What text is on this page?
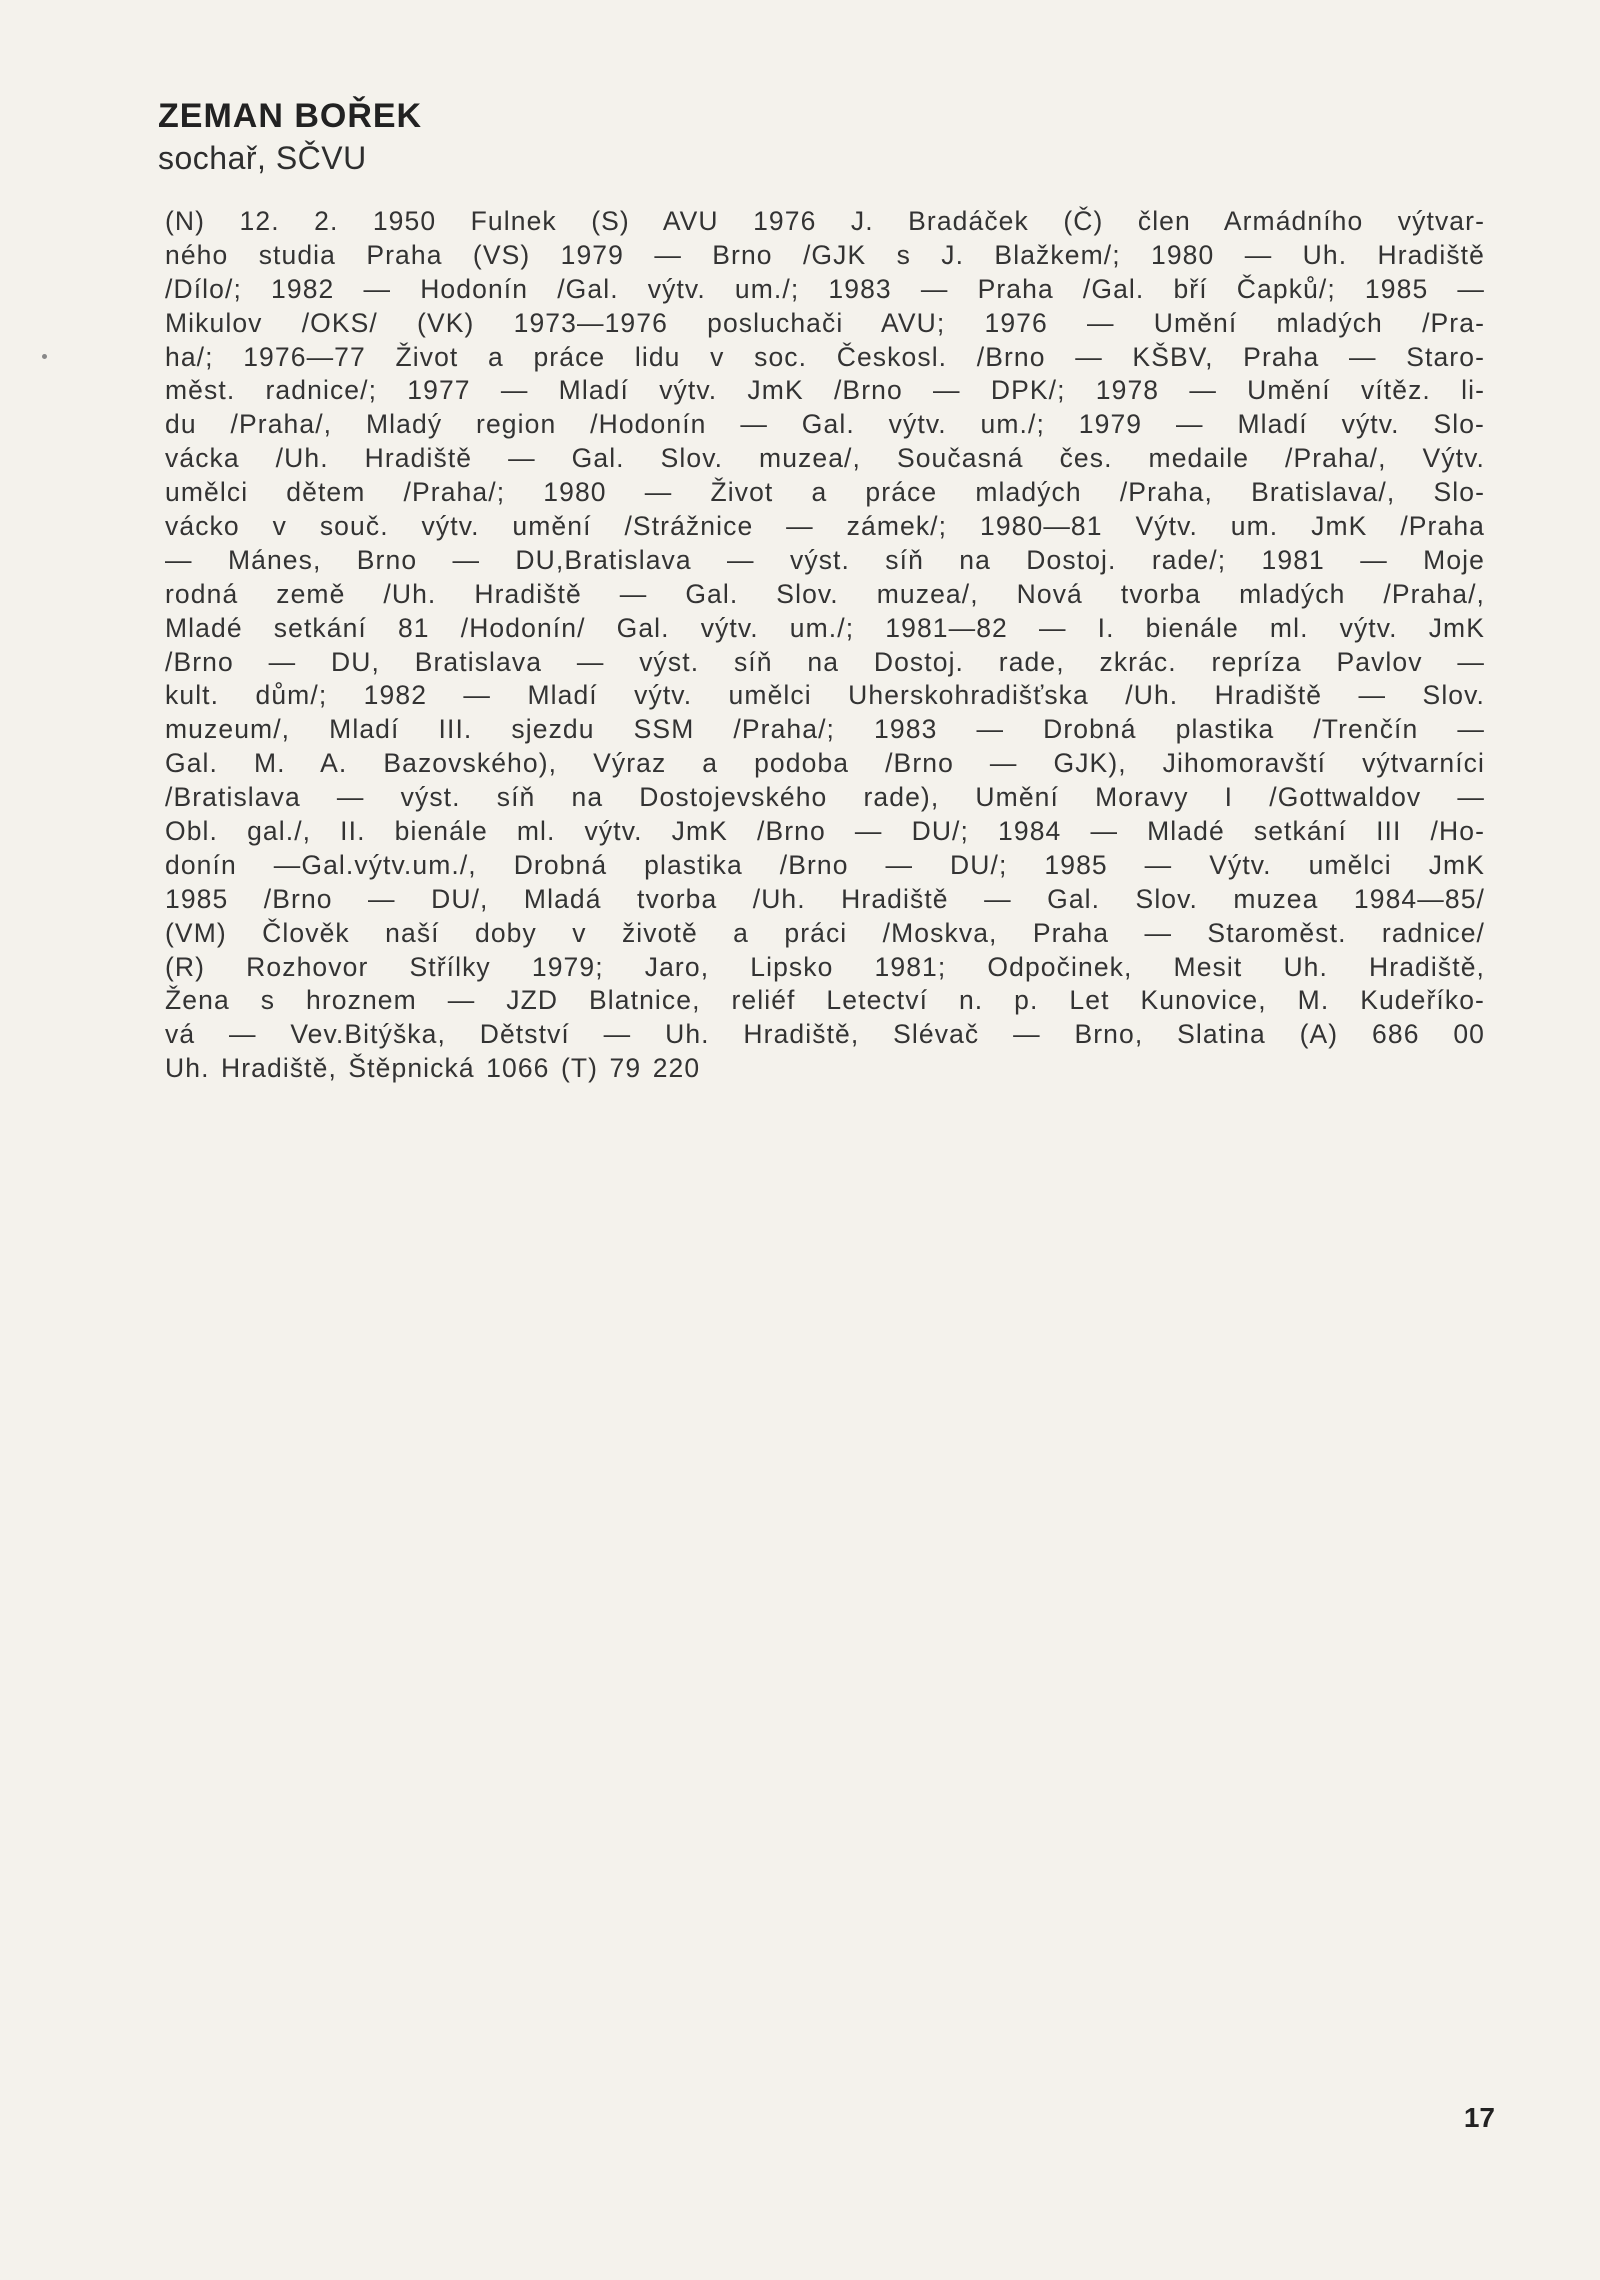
ZEMAN BOŘEK

sochař, SČVU

(N) 12. 2. 1950 Fulnek (S) AVU 1976 J. Bradáček (Č) člen Armádního výtvar-
ného studia Praha (VS) 1979 — Brno /GJK s J. Blažkem/; 1980 — Uh. Hradiště
/Dílo/; 1982 — Hodonín /Gal. výtv. um./; 1983 — Praha /Gal. bří Čapků/; 1985 —
Mikulov /OKS/ (VK) 1973—1976 posluchači AVU; 1976 — Umění mladých /Pra-
ha/; 1976—77 Život a práce lidu v soc. Českosl. /Brno — KŠBV, Praha — Staro-
měst. radnice/; 1977 — Mladí výtv. JmK /Brno — DPK/; 1978 — Umění vítěz. li-
du /Praha/, Mladý region /Hodonín — Gal. výtv. um./; 1979 — Mladí výtv. Slo-
vácka /Uh. Hradiště — Gal. Slov. muzea/, Současná čes. medaile /Praha/, Výtv.
umělci dětem /Praha/; 1980 — Život a práce mladých /Praha, Bratislava/, Slo-
vácko v souč. výtv. umění /Strážnice — zámek/; 1980—81 Výtv. um. JmK /Praha
— Mánes, Brno — DU,Bratislava — výst. síň na Dostoj. rade/; 1981 — Moje
rodná země /Uh. Hradiště — Gal. Slov. muzea/, Nová tvorba mladých /Praha/,
Mladé setkání 81 /Hodonín/ Gal. výtv. um./; 1981—82 — I. bienále ml. výtv. JmK
/Brno — DU, Bratislava — výst. síň na Dostoj. rade, zkrác. repríza Pavlov —
kult. dům/; 1982 — Mladí výtv. umělci Uherskohradišťska /Uh. Hradiště — Slov.
muzeum/, Mladí III. sjezdu SSM /Praha/; 1983 — Drobná plastika /Trenčín —
Gal. M. A. Bazovského), Výraz a podoba /Brno — GJK), Jihomoravští výtvarníci
/Bratislava — výst. síň na Dostojevského rade), Umění Moravy I /Gottwaldov —
Obl. gal./, II. bienále ml. výtv. JmK /Brno — DU/; 1984 — Mladé setkání III /Ho-
donín —Gal.výtv.um./, Drobná plastika /Brno — DU/; 1985 — Výtv. umělci JmK
1985 /Brno — DU/, Mladá tvorba /Uh. Hradiště — Gal. Slov. muzea 1984—85/
(VM) Člověk naší doby v životě a práci /Moskva, Praha — Staroměst. radnice/
(R) Rozhovor Střílky 1979; Jaro, Lipsko 1981; Odpočinek, Mesit Uh. Hradiště,
Žena s hroznem — JZD Blatnice, reliéf Letectví n. p. Let Kunovice, M. Kudeříko-
vá — Vev.Bitýška, Dětství — Uh. Hradiště, Slévač — Brno, Slatina (A) 686 00
Uh. Hradiště, Štěpnická 1066 (T) 79 220
17
